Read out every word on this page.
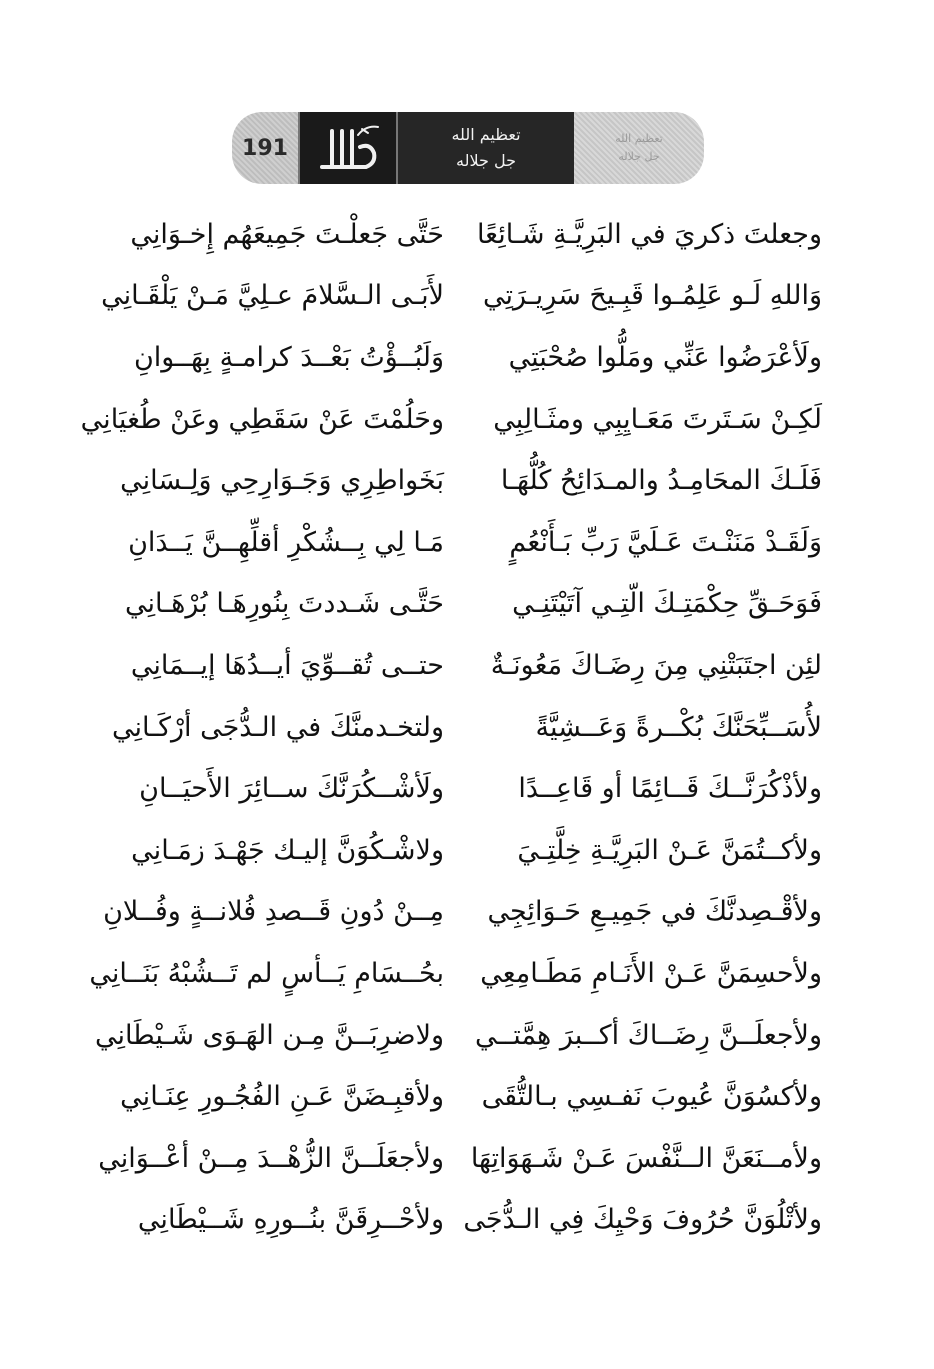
191
تعظيم الله
جل جلاله
تعظيم الله
جل جلاله
وجعلتَ ذكريَ في البَرِيَّـةِ شَـائِعًا
حَتَّى جَعلْـتَ جَمِيعَهُم إِخـوَانِي
وَاللهِ لَـو عَلِمُـوا قَبِـيحَ سَرِيـرَتِي
لأَبَـى الـسَّلامَ عـلِيَّ مَـنْ يَلْقَـانِي
ولَأعْرَضُوا عَنِّي ومَلُّوا صُحْبَتِي
وَلَبُــؤْتُ بَعْــدَ كرامـةٍ بِهَــوانِ
لَكِـنْ سَـتَرتَ مَعَـايِبِي ومثَـالِبِي
وحَلُمْتَ عَنْ سَقَطِي وعَنْ طُغيَانِي
فَلَـكَ المحَامِـدُ والمـدَائِحُ كُلُّهَـا
بَخَواطِرِي وَجَـوَارِحِي وَلِـسَانِي
وَلَقَـدْ مَنَنْـتَ عَـلَيَّ رَبِّ بَـأَنْعُمٍ
مَـا لِي بِــشُكْرِ أقلِّهِــنَّ يَــدَانِ
فَوَحَـقِّ حِكْمَتِـكَ الّتِـي آتَيْتَنِـي
حَتَّـى شَـددتَ بِنُورِهَـا بُرْهَـانِي
لئِن اجتَبَتْنِي مِنَ رِضَـاكَ مَعُونَـةٌ
حتــى تُقــوِّيَ أيــدُهَا إيــمَانِي
لأُسَــبِّحَنَّكَ بُكْــرةً وَعَــشِيَّةً
ولتخـدمنَّكَ في الـدُّجَى أرْكَـانِي
ولأذْكُرَنَّــكَ قَــائِمًا أو قَاعِــدًا
ولَأشْــكُرَنَّكَ ســائِرَ الأَحيَــانِ
ولأكــتُمَنَّ عَـنْ البَرِيَّـةِ خِلَّتِـيَ
ولاشْـكُوَنَّ إليـك جَهْـدَ زمَـانِي
ولأقْـصِدنَّكَ في جَمِيـعِ حَـوَائِجِي
مِــنْ دُونِ قَــصدِ فُلانــةٍ وفُــلانِ
ولأحسِمَنَّ عَـنْ الأَنَـامِ مَطَـامِعِي
بحُــسَامِ يَــأسٍ لم تَــشُبْهُ بَنَــانِي
ولأجعلَــنَّ رِضَــاكَ أكــبرَ هِمَّتــي
ولاضرِبَــنَّ مِـن الهَـوَى شَـيْطَانِي
ولأكسُوَنَّ عُيوبَ نَفـسِي بـالتُّقَى
ولأقبِـضَنَّ عَـنِ الفُجُـورِ عِنَـانِي
ولأمــنَعَنَّ الــنَّفْسَ عَـنْ شَـهَوَاتِهَا
ولأجعَلَــنَّ الزُّهْــدَ مِــنْ أعْــوَانِي
ولأتْلُوَنَّ حُرُوفَ وَحْيِكَ فِي الـدُّجَى
ولأحْــرِقَنَّ بنُــورِهِ شَــيْطَانِي
